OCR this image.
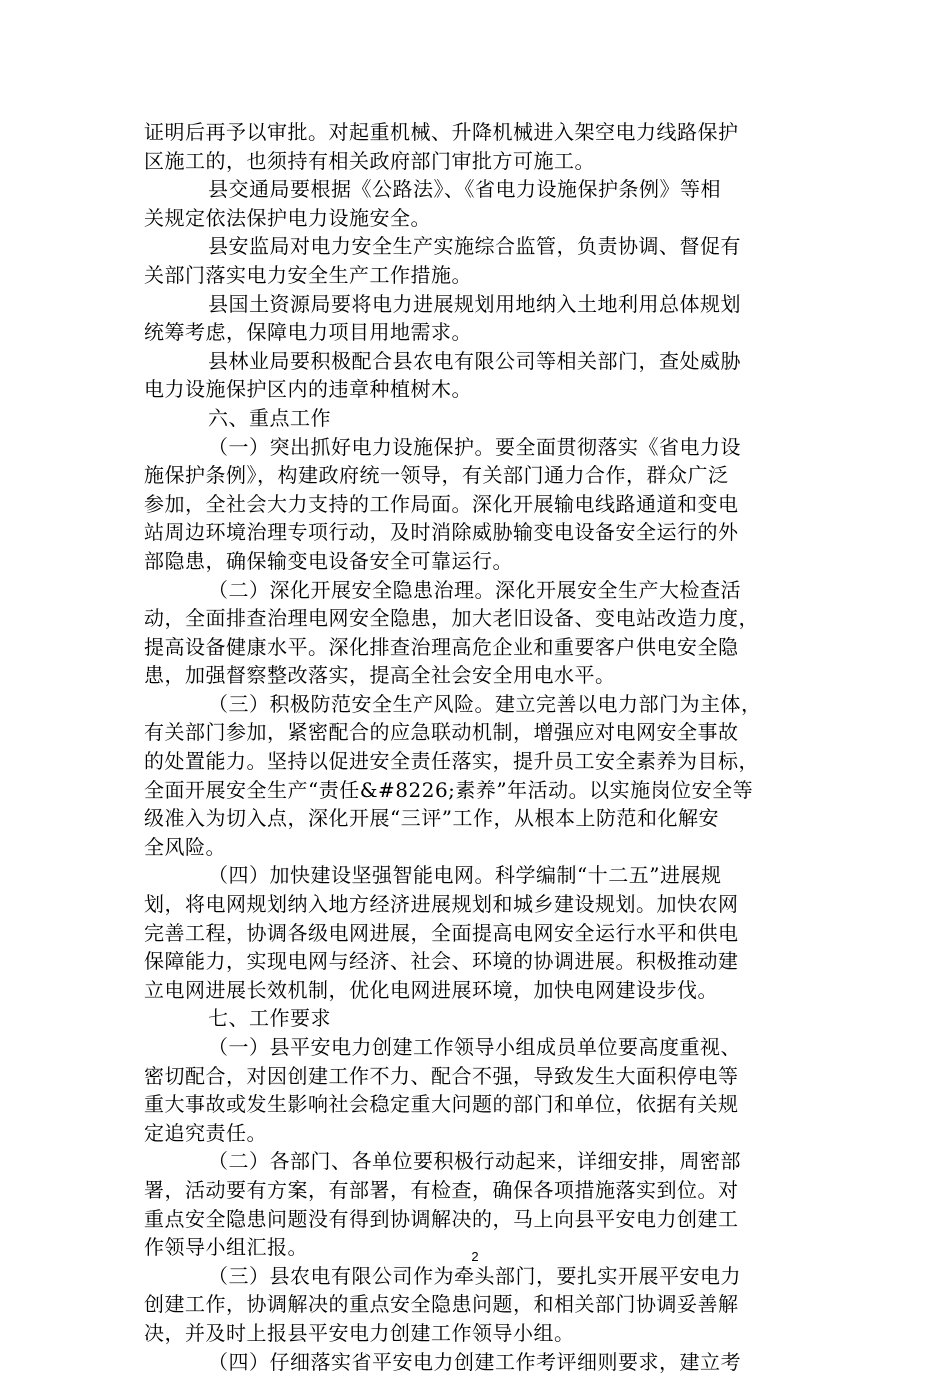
证明后再予以审批。对起重机械、升降机械进入架空电力线路保护
区施工的，也须持有相关政府部门审批方可施工。
县交通局要根据《公路法》、《省电力设施保护条例》等相
关规定依法保护电力设施安全。
县安监局对电力安全生产实施综合监管，负责协调、督促有
关部门落实电力安全生产工作措施。
县国土资源局要将电力进展规划用地纳入土地利用总体规划
统筹考虑，保障电力项目用地需求。
县林业局要积极配合县农电有限公司等相关部门，查处威胁
电力设施保护区内的违章种植树木。
六、重点工作
（一）突出抓好电力设施保护。要全面贯彻落实《省电力设
施保护条例》，构建政府统一领导，有关部门通力合作，群众广泛
参加，全社会大力支持的工作局面。深化开展输电线路通道和变电
站周边环境治理专项行动，及时消除威胁输变电设备安全运行的外
部隐患，确保输变电设备安全可靠运行。
（二）深化开展安全隐患治理。深化开展安全生产大检查活
动，全面排查治理电网安全隐患，加大老旧设备、变电站改造力度，
提高设备健康水平。深化排查治理高危企业和重要客户供电安全隐
患，加强督察整改落实，提高全社会安全用电水平。
（三）积极防范安全生产风险。建立完善以电力部门为主体，
有关部门参加，紧密配合的应急联动机制，增强应对电网安全事故
的处置能力。坚持以促进安全责任落实，提升员工安全素养为目标，
全面开展安全生产“责任&#8226;素养”年活动。以实施岗位安全等
级准入为切入点，深化开展“三评”工作，从根本上防范和化解安
全风险。
（四）加快建设坚强智能电网。科学编制“十二五”进展规
划，将电网规划纳入地方经济进展规划和城乡建设规划。加快农网
完善工程，协调各级电网进展，全面提高电网安全运行水平和供电
保障能力，实现电网与经济、社会、环境的协调进展。积极推动建
立电网进展长效机制，优化电网进展环境，加快电网建设步伐。
七、工作要求
（一）县平安电力创建工作领导小组成员单位要高度重视、
密切配合，对因创建工作不力、配合不强，导致发生大面积停电等
重大事故或发生影响社会稳定重大问题的部门和单位，依据有关规
定追究责任。
（二）各部门、各单位要积极行动起来，详细安排，周密部
署，活动要有方案，有部署，有检查，确保各项措施落实到位。对
重点安全隐患问题没有得到协调解决的，马上向县平安电力创建工
作领导小组汇报。
（三）县农电有限公司作为牵头部门，要扎实开展平安电力
创建工作，协调解决的重点安全隐患问题，和相关部门协调妥善解
决，并及时上报县平安电力创建工作领导小组。
（四）仔细落实省平安电力创建工作考评细则要求，建立考
2
